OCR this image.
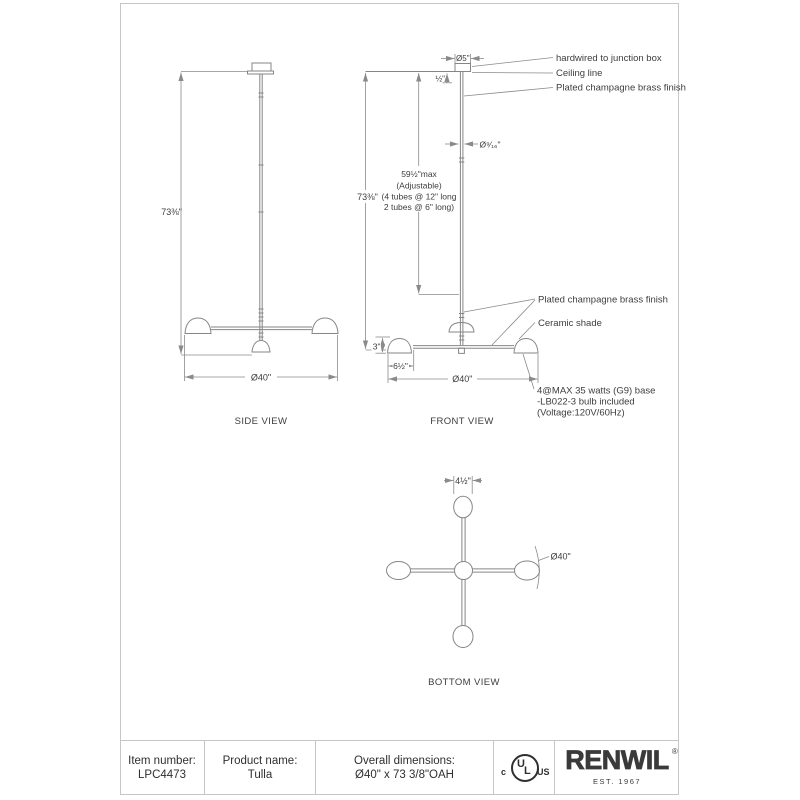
73⅜"
Ø40"
SIDE VIEW
Ø5"
½"
Ø⁹⁄₁₆"
59½"max
(Adjustable)
(4 tubes @ 12" long
2 tubes @ 6" long)
73⅜"
3"
6½"
Ø40"
hardwired to junction box
Ceiling line
Plated champagne brass finish
Plated champagne brass finish
Ceramic shade
4@MAX 35 watts (G9) base
-LB022-3 bulb included
(Voltage:120V/60Hz)
FRONT VIEW
4½"
Ø40"
BOTTOM VIEW
Item number:
LPC4473
Product name:
Tulla
Overall dimensions:
Ø40" x 73 3/8"OAH	c
U
L US RENWIL ®
EST. 1967
